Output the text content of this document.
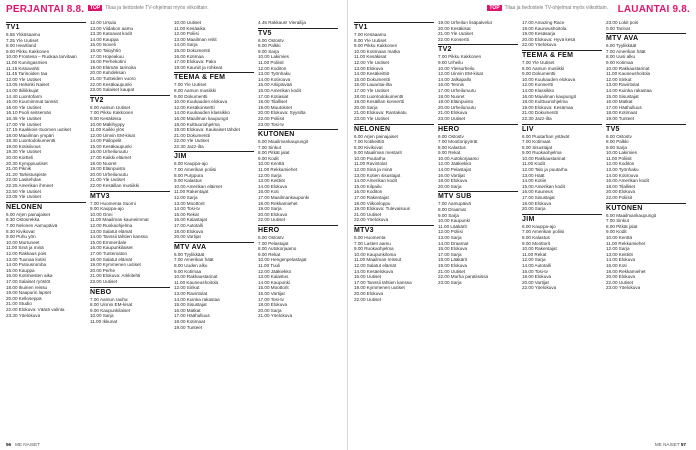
PERJANTAI 8.8.	TOP Tilaa ja tiedostele TV-ohjelmat myös viikoittain.
TV1
6.55 Ykkösaamu
7.25 Yle Uutiset
8.00 Heartland
9.00 Pikku Kakkonen
10.00 Frontesa – Ruokaa tarvitaan
11.00 Kuningasmies
11.15 Kissavahti
11.45 Tarinoiden taa
12.00 Yle Uutiset
13.05 Helsinki Naiset
14.00 Ikiliikkujat
14.40 Luontofarm
15.00 Kuumimmat tanssit
16.00 Yle Uutiset
16.10 Puoli seitsemän
16.45 Yle Uutiset
17.00 Yle Uutiset
17.15 Kaakkois-Suomen uutiset
18.00 Maailman ympäri
18.30 Luontodokumentti
19.00 Kotisiivous
19.30 Yle Uutiset
20.00 Kortteli
20.30 Kymppiuutiset
21.00 Piknik
21.20 Tarkistuspiste
22.00 Lasitehdas
22.25 Amerikan ihmeet
22.50 Yle Uutiset
23.05 Yle Uutiset
NELONEN
6.00 Arjen painajaiset
6.30 Ostosrekka
7.00 Nelonen Aamupäivä
8.30 Kivikovat
9.00 Puhu yön
10.00 Murtuneet
11.00 Sinä ja minä
12.00 Rakkaus pois
13.00 Tuunaa kotisi
14.00 Putousrumba
15.00 Kauppa
16.00 Kotimiesten aika
17.00 Salaiset ryöstöt
18.00 Ikuinen reissu
19.00 Naapurin lapset
20.00 Kelloseppä
21.00 Studio
22.00 Elokuva: Väärä valinta
23.30 Yöelokuva
12.00 Ursula
13.00 Viidakon aamu
13.30 Katoavat kodit
14.00 Kauppa
15.00 Isoveli
16.00 Taloyhtiö
17.00 Hopeakuu
18.00 Perhekotini
19.00 Elämän tarinoita
20.00 Kahdeksan
21.00 Tunteiden vuoro
22.00 Kesäkaupunki
23.00 Salaiset kaupat
TV2
6.00 Aamun Uutiset
7.00 Pikku Kakkonen
9.00 Kesäkissa
10.00 Mäkihyppy
11.00 Kaikki ylös
12.00 Uinnin EM-kisat
14.00 Pallopelit
15.00 Kesäkaupunki
16.00 Urheiluruutu
17.00 Kaikki eläimet
18.00 Nuoret
19.00 Eläinpuisto
20.00 Urheiluruutu
21.00 Yle Uutiset
22.00 Kesäillan musiikki
MTV3
7.00 Huomenta Suomi
9.00 Kauppa-ajo
10.00 Onni
11.00 Maailman kauneimmat
12.00 Ruokaohjelma
13.00 Salatut elämät
14.00 Tanssii tähtien kanssa
15.00 Emmerdale
16.00 Kaupunkilaiset
17.00 Tuntematon
18.00 Salatut elämät
19.00 Kymmenen uutiset
20.00 Perhe
21.00 Elokuva: Arkkitehti
23.00 Uutiset
NEBO
7.00 Aamun rauha
8.00 Uinnin EM-kisat
9.00 Kaupunkilaiset
10.00 Sarja
11.00 Ikkunat
10.00 Uutiset
11.00 Kesäaika
12.00 Poliisi
13.00 Maailman reitit
14.00 Sarja
15.00 Dokumentti
16.00 Kotimaa
17.00 Elokuva: Pako
19.00 Kauniit ja rohkeat
TEEMA & FEM
7.00 Yle Uutiset
8.00 Aamun musiikki
9.00 Dokumentti
10.00 Kuukauden elokuva
12.00 Kesäkonsertti
14.00 Kuukauden klassikko
16.00 Maailman kaupungit
18.00 Kulttuuriohjelma
19.00 Elokuva: Kaukaiset tähdet
21.00 Dokumentti
22.00 Yle Uutiset
22.30 Jazz-ilta
JIM
6.00 Kauppa-ajo
7.00 Amerikan poliisi
8.00 Purppura
9.00 Kalastus
10.00 Amerikan eläimet
11.00 Rakentajat
12.00 Sarja
13.00 Moottorit
14.00 Tosi-tv
15.00 Rekat
16.00 Kalastajat
17.00 Autotalli
18.00 Elokuva
20.00 Vartijat
MTV AVA
6.00 Tyylikkäät
7.00 Amerikan häät
8.00 Uuden alku
9.00 Kotimaa
10.00 Rakkaustarinat
11.00 Kauneushoitola
12.00 Sinkut
13.00 Ravintolat
14.00 Kuinka rakastaa
15.00 Sisustajat
16.00 Matkat
17.00 Häähulluus
18.00 Kotimaat
19.00 Tunteet
4.45 Rakkaus! Vierailija
TV5
6.00 Ostostv
8.00 Palkki
9.00 Sarja
10.00 Lakimies
11.00 Poliisit
12.00 Koditon
13.00 Työnhaku
14.00 Kotirouva
15.00 Arkipäivää
16.00 Amerikan kodit
17.00 Kotiasiat
18.00 Tilalliset
19.00 Muutokset
20.00 Elokuva: Syysilta
22.00 Poliisit
23.00 Tosi-tv
KUTONEN
6.00 Maailmankaupungit
7.00 Sinkut
8.00 Pitkät jalat
9.00 Kodit
10.00 Kenttä
11.00 Rekkamiehet
12.00 Sarja
13.00 Keittiöt
14.00 Elokuva
16.00 Koti
17.00 Maailmankaupunki
18.00 Rekkamiehet
19.00 Sarja
20.00 Elokuva
22.00 Uutiset
HERO
6.00 Ostostv
7.00 Pelastajat
8.00 Autokorjaamo
9.00 Rekat
10.00 Hengenpelastajat
11.00 Tuuli
12.00 Jääkiekko
13.00 Kalastus
14.00 Kaupunki
15.00 Moottorit
16.00 Vartijat
17.00 Tosi-tv
18.00 Elokuva
20.00 Sarja
21.00 Yöelokuva
56 ME NAISET
TOP Tilaa ja tiedostele TV-ohjelmat myös viikoittain. LAUANTAI 9.8.
TV1
7.00 Kesäaamu
8.00 Yle Uutiset
9.00 Pikku Kakkonen
10.00 Kotimaan matka
11.00 Kesäkisat
12.00 Yle Uutiset
13.00 Elokuva
14.00 Kesäkeittiö
15.00 Dokumentti
16.00 Lauantai-ilta
17.00 Yle Uutiset
18.00 Luontodokumentti
19.00 Kesäillan konsertti
20.00 Sarja
21.00 Elokuva: Rantakatu
23.00 Yle Uutiset
NELONEN
6.00 Arjen painajaiset
7.00 Kotikeittiö
8.00 Kivikovat
9.00 Maailman mestarit
10.00 Puutarha
11.00 Ravintolat
12.00 Sinä ja minä
13.00 Kotien sisustajat
14.00 Amerikan kodit
15.00 Kilpailu
16.00 Koditon
17.00 Rakentajat
18.00 Viikonloppu
19.00 Elokuva: Tulevaisuus
21.00 Uutiset
22.00 Yöelokuva
MTV3
6.00 Huomenta
7.00 Lasten aamu
9.00 Ruokaohjelma
10.00 Kaupunkiloma
11.00 Maailman reissut
12.00 Salatut elämät
14.00 Kesäelokuva
16.00 Uutiset
17.00 Tanssii tähtien kanssa
19.00 Kymmenen uutiset
20.00 Elokuva
22.00 Uutiset
19.00 Urheilun lisäpalvelut
20.00 Kesäkisat
21.00 Yle Uutiset
22.00 Konsertti
TV2
7.00 Pikku Kakkonen
9.00 Urheilu
10.00 Yleisurheilu
12.00 Uinnin EM-kisat
14.00 Jalkapallo
16.00 Tennis
17.00 Urheiluruutu
18.00 Nuoret
19.00 Eläinpuisto
20.00 Urheiluruutu
21.00 Elokuva
23.00 Uutiset
HERO
6.00 Ostostv
7.00 Moottoripyörät
8.00 Kalastus
9.00 Rekat
10.00 Autokorjaamo
12.00 Jääkiekko
14.00 Pelastajat
16.00 Vartijat
18.00 Elokuva
20.00 Sarja
MTV SUB
7.00 Aamupäivä
8.00 Draamat
9.00 Sarja
10.00 Kaupunki
11.00 Lääkärit
12.00 Poliisi
13.00 Sarja
14.00 Draamat
15.00 Elokuva
17.00 Sarja
18.00 Lääkärit
19.00 Elokuva
21.00 Uutiset
22.00 Murha paratiisissa
23.00 Sarja
17.00 Amazing Race
18.00 Kauneushoitola
19.00 Kesäsarja
20.00 Elokuva: Hyvä kesä
22.00 Yöelokuva
TEEMA & FEM
7.00 Yle Uutiset
8.00 Aamun musiikki
9.00 Dokumentti
10.00 Kuukauden elokuva
12.00 Konsertti
14.00 Klassikko
16.00 Maailman kaupungit
18.00 Kulttuuriohjelma
19.00 Elokuva: Kesämaa
21.00 Dokumentti
22.30 Jazz-ilta
LIV
6.00 Puutarhan ystävät
7.00 Kotimaat
8.00 Sisustajat
9.00 Ruokaohjelma
10.00 Rakkaustarinat
11.00 Kodit
12.00 Talo ja puutarha
13.00 Häät
14.00 Kotiin
15.00 Amerikan kodit
16.00 Kauneus
17.00 Sisustajat
18.00 Elokuva
20.00 Sarja
JIM
6.00 Kauppa-ajo
7.00 Amerikan poliisi
8.00 Kalastus
9.00 Moottorit
10.00 Rakentajat
11.00 Rekat
12.00 Sarja
14.00 Autotalli
16.00 Tosi-tv
18.00 Elokuva
20.00 Vartijat
22.00 Yöelokuva
23.00 Lokit pois
0.00 Tarinat
MTV AVA
6.00 Tyylikkäät
7.00 Amerikan häät
8.00 Uusi alku
9.00 Kotimaa
10.00 Rakkaustarinat
11.00 Kauneushoitola
12.00 Sinkut
13.00 Ravintolat
14.00 Kuinka rakastaa
15.00 Sisustajat
16.00 Matkat
17.00 Häähulluus
18.00 Kotimaat
19.00 Tunteet
TV5
6.00 Ostostv
8.00 Palkki
9.00 Sarja
10.00 Lakimies
11.00 Poliisit
12.00 Koditon
13.00 Työnhaku
14.00 Kotirouva
16.00 Amerikan kodit
18.00 Tilalliset
20.00 Elokuva
22.00 Poliisit
KUTONEN
6.00 Maailmankaupungit
7.00 Sinkut
8.00 Pitkät jalat
9.00 Kodit
10.00 Kenttä
11.00 Rekkamiehet
12.00 Sarja
13.00 Keittiöt
14.00 Elokuva
16.00 Koti
18.00 Rekkamiehet
20.00 Elokuva
22.00 Uutiset
23.00 Yöelokuva
ME NAISET 57
